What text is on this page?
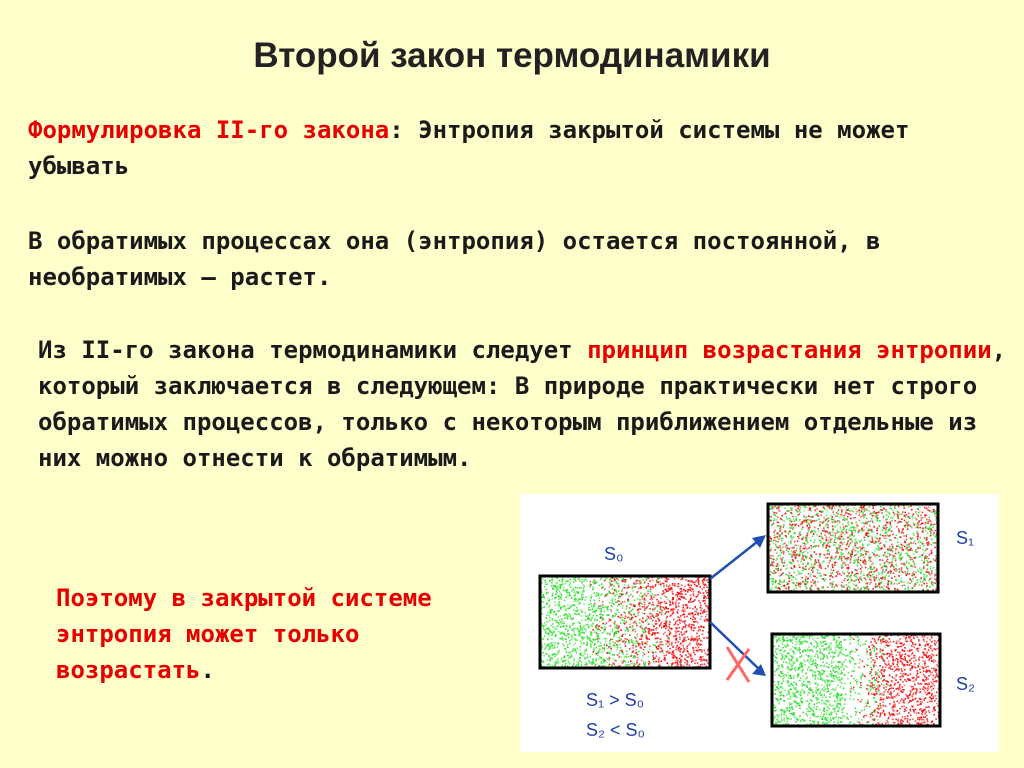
Второй закон термодинамики

Формулировка II-го закона: Энтропия закрытой системы не может убывать

В обратимых процессах она (энтропия) остается постоянной, в необратимых – растет.

Из II-го закона термодинамики следует принцип возрастания энтропии, который заключается в следующем: В природе практически нет строго обратимых процессов, только с некоторым приближением отдельные из них можно отнести к обратимым.

Поэтому в закрытой системе энтропия может только возрастать.

S₀
S₁
S₂
S₁ > S₀
S₂ < S₀
